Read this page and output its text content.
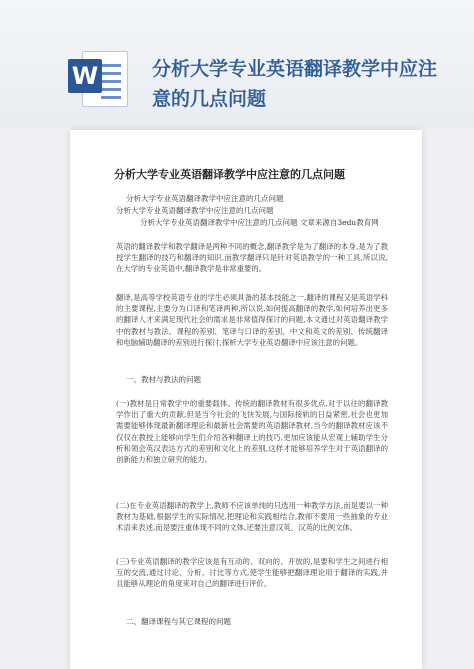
W	分析大学专业英语翻译教学中应注意的几点问题
分析大学专业英语翻译教学中应注意的几点问题
分析大学专业英语翻译教学中应注意的几点问题
分析大学专业英语翻译教学中应注意的几点问题
分析大学专业英语翻译教学中应注意的几点问题 文章来源自3edu教育网

英语的翻译教学和教学翻译是两种不同的概念,翻译教学是为了翻译的本身,是为了教授学生翻译的技巧和翻译的知识,而教学翻译只是针对英语教学的一种工具,所以说,在大学的专业英语中,翻译教学是非常重要的。

翻译,是高等学校英语专业的学生必须具备的基本技能之一,翻译的课程又是英语学科的主要课程,主要分为口译和笔译两种,所以说,如何提高翻译的教学,如何培养出更多的翻译人才来满足现代社会的需求是非常值得探讨的问题,本文通过对英语翻译教学中的教材与教法、课程的差别、笔译与口译的差别、中文和英文的差别、传统翻译和电脑辅助翻译的差别进行探讨,探析大学专业英语翻译中应该注意的问题。

一、教材与教法的问题

(一)教材是日常教学中的重要载体。传统的翻译教材有很多优点,对于以往的翻译教学作出了重大的贡献,但是当今社会的飞快发展,与国际接轨的日益紧密,社会也更加需要能够体现最新翻译理论和最新社会需要的英语翻译教材,当今的翻译教材应该不仅仅在教授上能够向学生们介绍各种翻译上的技巧,更加应该能从宏观上辅助学生分析和领会英汉表达方式的差别和文化上的差别,这样才能够培养学生对于英语翻译的创新能力和独立研究的能力。

(二)在专业英语翻译的教学上,教师不应该单纯的只选用一种教学方法,而是要以一种教材为基础,根据学生的实际情况,把理论和实践相结合,教师不要用一些抽象的专业术语来表述,而是要注重体现不同的文体,还要注意汉英、汉英的比例文体。

(三)专业英语翻译的教学应该是有互动的、双向的、开放的,是要和学生之间进行相互的交流,通过讨论、分析、讨比等方式,使学生能够把翻译理论用于翻译的实践,并且能够从理论的角度来对自己的翻译进行评价。

二、翻译课程与其它课程的问题
